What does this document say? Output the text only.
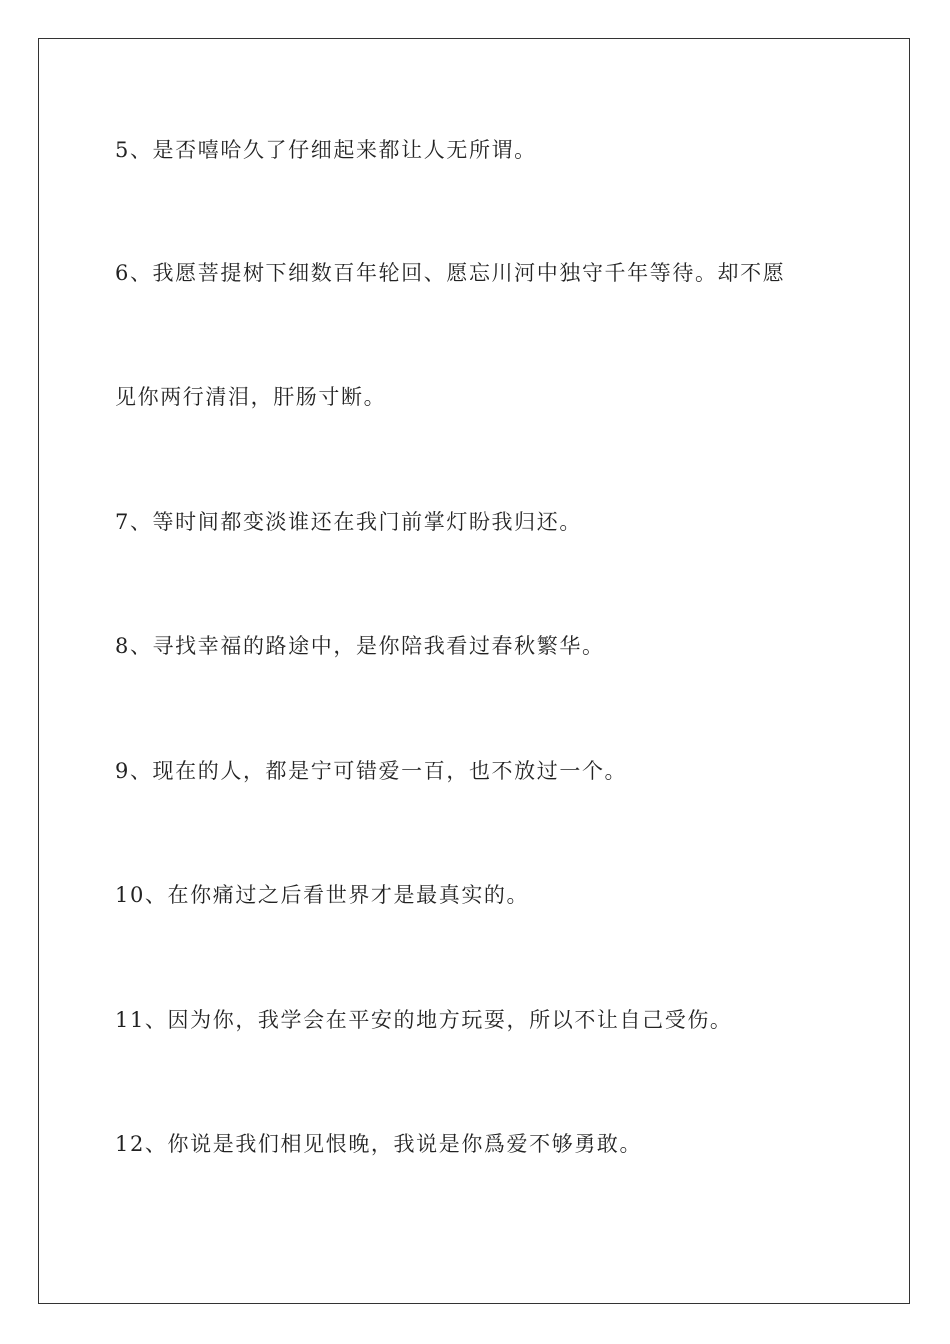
5、是否嘻哈久了仔细起来都让人无所谓。
6、我愿菩提树下细数百年轮回、愿忘川河中独守千年等待。却不愿
见你两行清泪，肝肠寸断。
7、等时间都变淡谁还在我门前掌灯盼我归还。
8、寻找幸福的路途中，是你陪我看过春秋繁华。
9、现在的人，都是宁可错爱一百，也不放过一个。
10、在你痛过之后看世界才是最真实的。
11、因为你，我学会在平安的地方玩耍，所以不让自己受伤。
12、你说是我们相见恨晚，我说是你爲爱不够勇敢。
